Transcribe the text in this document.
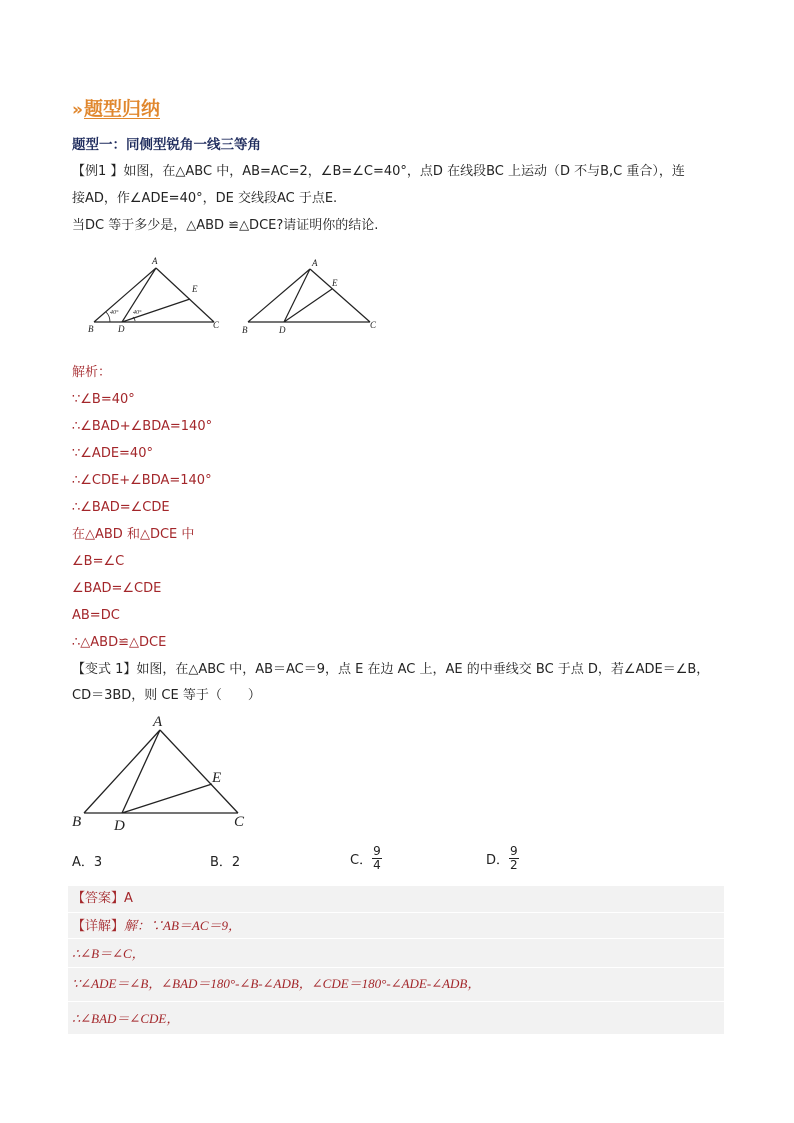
» 题型归纳
题型一：同侧型锐角一线三等角
【例1 】如图，在△ABC 中，AB=AC=2，∠B=∠C=40°，点D 在线段BC 上运动（D 不与B,C 重合），连
接AD，作∠ADE=40°，DE 交线段AC 于点E.
当DC 等于多少是，△ABD ≌△DCE?请证明你的结论.
A
B	D	C
E
40° 40°
A
B	D	C
E
解析：
∵∠B=40°
∴∠BAD+∠BDA=140°
∵∠ADE=40°
∴∠CDE+∠BDA=140°
∴∠BAD=∠CDE
在△ABD 和△DCE 中
∠B=∠C
∠BAD=∠CDE
AB=DC
∴△ABD≌△DCE
【变式 1】如图，在△ABC 中，AB＝AC＝9，点 E 在边 AC 上，AE 的中垂线交 BC 于点 D，若∠ADE＝∠B，
CD＝3BD，则 CE 等于（　　）
A
B D	C
E
A．3	B．2	C． $\frac{9}{4}$	D． $\frac{9}{2}$
【答案】A
【详解】解：∵AB＝AC＝9，
∴∠B＝∠C，
∵∠ADE＝∠B，∠BAD＝180°-∠B-∠ADB，∠CDE＝180°-∠ADE-∠ADB，
∴∠BAD＝∠CDE，
